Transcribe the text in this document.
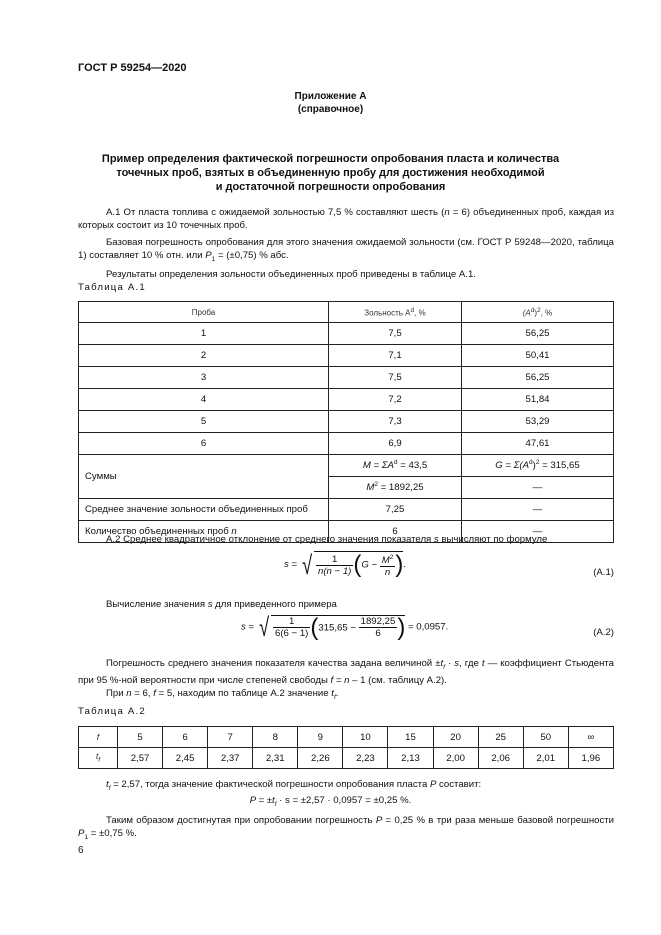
ГОСТ Р 59254—2020
Приложение А
(справочное)
Пример определения фактической погрешности опробования пласта и количества
точечных проб, взятых в объединенную пробу для достижения необходимой
и достаточной погрешности опробования

А.1 От пласта топлива с ожидаемой зольностью 7,5 % составляют шесть (n = 6) объединенных проб, каждая из которых состоит из 10 точечных проб.

Базовая погрешность опробования для этого значения ожидаемой зольности (см. ГОСТ Р 59248—2020, таблица 1) составляет 10 % отн. или $P_1 = (\pm 0,75)$ % абс.

Результаты определения зольности объединенных проб приведены в таблице А.1.

Таблица А.1
Проба	Зольность $A^d$, %	$(A^d)^2$, %
1	7,5	56,25
2	7,1	50,41
3	7,5	56,25
4	7,2	51,84
5	7,3	53,29
6	6,9	47,61
Суммы	$M = \Sigma A^d = 43,5$	$G = \Sigma(A^d)^2 = 315,65$
	$M^2 = 1892,25$	—
Среднее значение зольности объединенных проб	7,25	—
Количество объединенных проб n	6	—
А.2 Среднее квадратичное отклонение от среднего значения показателя s вычисляют по формуле
s = √ $\frac{1}{n(n - 1)} (G - \frac{M^2}{n}$ ).
(А.1)
Вычисление значения s для приведенного примера
s = √ $\frac{1}{6(6 - 1)} (315,65 - \frac{1892,25}{6}$ ) = 0,0957.	(А.2)

Погрешность среднего значения показателя качества задана величиной $\pm t_f \cdot s$, где t — коэффициент Стьюдента при 95 %-ной вероятности при числе степеней свободы f = n – 1 (см. таблицу А.2).

При n = 6, f = 5, находим по таблице А.2 значение $t_f$.

Таблица А.2
f	5	6	7	8	9	10	15	20	25	50	∞
$t_f$	2,57	2,45	2,37	2,31	2,26	2,23	2,13	2,00	2,06	2,01	1,96
$t_f = 2,57$, тогда значение фактической погрешности опробования пласта P составит:
$P = \pm t_f \cdot s = \pm 2,57 \cdot 0,0957 = \pm 0,25$ %.
Таким образом достигнутая при опробовании погрешность P = 0,25 % в три раза меньше базовой погрешности $P_1 = \pm 0,75$ %.
6
